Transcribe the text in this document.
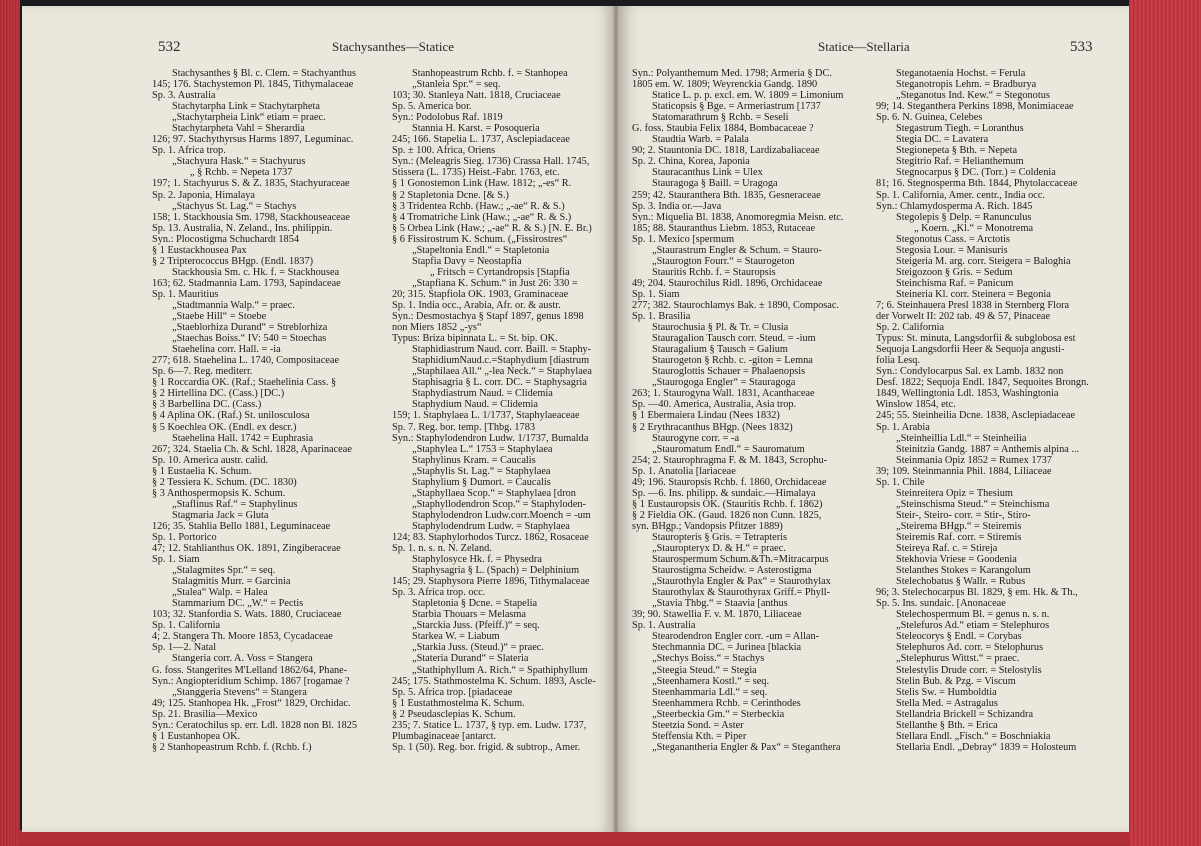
532	Stachysanthes—Statice
Stachysanthes § Bl. c. Clem. = Stachyanthus
145; 176. Stachystemon Pl. 1845, Tithymalaceae
Sp. 3. Australia
Stachytarpha Link = Stachytarpheta
„Stachytarpheia Link“ etiam = praec.
Stachytarpheta Vahl = Sherardia
126; 97. Stachythyrsus Harms 1897, Leguminac.
Sp. 1. Africa trop.
„Stachyura Hask.“ = Stachyurus
„ § Rchb. = Nepeta 1737
197; 1. Stachyurus S. & Z. 1835, Stachyuraceae
Sp. 2. Japonia, Himalaya
„Stachyus St. Lag.“ = Stachys
158; 1. Stackhousia Sm. 1798, Stackhouseaceae
Sp. 13. Australia, N. Zeland., Ins. philippin.
Syn.: Plocostigma Schuchardt 1854
§ 1 Eustackhousea Pax
§ 2 Tripterococcus BHgp. (Endl. 1837)
Stackhousia Sm. c. Hk. f. = Stackhousea
163; 62. Stadmannia Lam. 1793, Sapindaceae
Sp. 1. Mauritius
„Stadtmannia Walp.“ = praec.
„Staebe Hill“ = Stoebe
„Staeblorhiza Durand“ = Streblorhiza
„Staechas Boiss.“ IV: 540 = Stoechas
Staehelina corr. Hall. = -ia
277; 618. Staehelina L. 1740, Compositaceae
Sp. 6—7. Reg. mediterr.
§ 1 Roccardia OK. (Raf.; Staehelinia Cass. §
§ 2 Hirtellina DC. (Cass.) [DC.)
§ 3 Barbellina DC. (Cass.)
§ 4 Aplina OK. (Raf.) St. unilosculosa
§ 5 Koechlea OK. (Endl. ex descr.)
Staehelina Hall. 1742 = Euphrasia
267; 324. Staelia Ch. & Schl. 1828, Aparinaceae
Sp. 10. America austr. calid.
§ 1 Eustaelia K. Schum.
§ 2 Tessiera K. Schum. (DC. 1830)
§ 3 Anthospermopsis K. Schum.
„Staflinus Raf.“ = Staphylinus
Stagmaria Jack = Gluta
126; 35. Stahlia Bello 1881, Leguminaceae
Sp. 1. Portorico
47; 12. Stahlianthus OK. 1891, Zingiberaceae
Sp. 1. Siam
„Stalagmites Spr.“ = seq.
Stalagmitis Murr. = Garcinia
„Stalea“ Walp. = Halea
Stammarium DC. „W.“ = Pectis
103; 32. Stanfordia S. Wats. 1880, Cruciaceae
Sp. 1. California
4; 2. Stangera Th. Moore 1853, Cycadaceae
Sp. 1—2. Natal
Stangeria corr. A. Voss = Stangera
G. foss. Stangerites M'Lelland 1862/64, Phane-
Syn.: Angiopteridium Schimp. 1867 [rogamae ?
„Stanggeria Stevens“ = Stangera
49; 125. Stanhopea Hk. „Frost“ 1829, Orchidac.
Sp. 21. Brasilia—Mexico
Syn.: Ceratochilus sp. err. Ldl. 1828 non Bl. 1825
§ 1 Eustanhopea OK.
§ 2 Stanhopeastrum Rchb. f. (Rchb. f.)
Stanhopeastrum Rchb. f. = Stanhopea
„Stanleia Spr.“ = seq.
103; 30. Stanleya Natt. 1818, Cruciaceae
Sp. 5. America bor.
Syn.: Podolobus Raf. 1819
Stannia H. Karst. = Posoqueria
245; 166. Stapelia L. 1737, Asclepiadaceae
Sp. ± 100. Africa, Oriens
Syn.: (Meleagris Sieg. 1736) Crassa Hall. 1745,
Stissera (L. 1735) Heist.-Fabr. 1763, etc.
§ 1 Gonostemon Link (Haw. 1812; „-es“ R.
§ 2 Stapletonia Dcne. [& S.)
§ 3 Tridentea Rchb. (Haw.; „-ae“ R. & S.)
§ 4 Tromatriche Link (Haw.; „-ae“ R. & S.)
§ 5 Orbea Link (Haw.; „-ae“ R. & S.) [N. E. Br.)
§ 6 Fissirostrum K. Schum. („Fissirostres“
„Stapeltonia Endl.“ = Stapletonia
Stapfia Davy = Neostapfia
„ Fritsch = Cyrtandropsis [Stapfia
„Stapfiana K. Schum.“ in Just 26: 330 =
20; 315. Stapfiola OK. 1903, Graminaceae
Sp. 1. India occ., Arabia, Afr. or. & austr.
Syn.: Desmostachya § Stapf 1897, genus 1898
non Miers 1852 „-ys“
Typus: Briza bipinnata L. = St. bip. OK.
Staphidiastrum Naud. corr. Baill. = Staphy-
StaphidiumNaud.c.=Staphydium [diastrum
„Staphilaea All.“ „-lea Neck.“ = Staphylaea
Staphisagria § L. corr. DC. = Staphysagria
Staphydiastrum Naud. = Clidemia
Staphydium Naud. = Clidemia
159; 1. Staphylaea L. 1/1737, Staphylaeaceae
Sp. 7. Reg. bor. temp. [Thbg. 1783
Syn.: Staphylodendron Ludw. 1/1737, Bumalda
„Staphylea L.“ 1753 = Staphylaea
Staphylinus Kram. = Caucalis
„Staphylis St. Lag.“ = Staphylaea
Staphylium § Dumort. = Caucalis
„Staphyllaea Scop.“ = Staphylaea [dron
„Staphyllodendron Scop.“ = Staphyloden-
Staphylodendron Ludw.corr.Moench = -um
Staphylodendrum Ludw. = Staphylaea
124; 83. Staphylorhodos Turcz. 1862, Rosaceae
Sp. 1. n. s. n. N. Zeland.
Staphylosyce Hk. f. = Physedra
Staphysagria § L. (Spach) = Delphinium
145; 29. Staphysora Pierre 1896, Tithymalaceae
Sp. 3. Africa trop. occ.
Stapletonia § Dcne. = Stapelia
Starbia Thouars = Melasma
„Starckia Juss. (Pfeiff.)“ = seq.
Starkea W. = Liabum
„Starkia Juss. (Steud.)“ = praec.
„Stateria Durand“ = Slateria
„Stathiphyllum A. Rich.“ = Spathiphyllum
245; 175. Stathmostelma K. Schum. 1893, Ascle-
Sp. 5. Africa trop. [piadaceae
§ 1 Eustathmostelma K. Schum.
§ 2 Pseudasclepias K. Schum.
235; 7. Statice L. 1737, § typ. em. Ludw. 1737,
Plumbaginaceae [antarct.
Sp. 1 (50). Reg. bor. frigid. & subtrop., Amer.
Statice—Stellaria	533
Syn.: Polyanthemum Med. 1798; Armeria § DC.
1805 em. W. 1809; Weyrenckia Gandg. 1890
Statice L. p. p. excl. em. W. 1809 = Limonium
Staticopsis § Bge. = Armeriastrum [1737
Statomarathrum § Rchb. = Seseli
G. foss. Staubia Felix 1884, Bombacaceae ?
Staudtia Warb. = Palala
90; 2. Stauntonia DC. 1818, Lardizabaliaceae
Sp. 2. China, Korea, Japonia
Stauracanthus Link = Ulex
Stauragoga § Baill. = Uragoga
259; 42. Stauranthera Bth. 1835, Gesneraceae
Sp. 3. India or.—Java
Syn.: Miquelia Bl. 1838, Anomoregmia Meisn. etc.
185; 88. Stauranthus Liebm. 1853, Rutaceae
Sp. 1. Mexico [spermum
„Staurastrum Engler & Schum. = Stauro-
„Staurogton Fourr.“ = Staurogeton
Stauritis Rchb. f. = Stauropsis
49; 204. Staurochilus Ridl. 1896, Orchidaceae
Sp. 1. Siam
277; 382. Staurochlamys Bak. ± 1890, Composac.
Sp. 1. Brasilia
Staurochusia § Pl. & Tr. = Clusia
Stauragalion Tausch corr. Steud. = -ium
Stauragalium § Tausch = Galium
Staurogeton § Rchb. c. -giton = Lemna
Stauroglottis Schauer = Phalaenopsis
„Staurogoga Engler“ = Stauragoga
263; 1. Staurogyna Wall. 1831, Acanthaceae
Sp. —40. America, Australia, Asia trop.
§ 1 Ebermaiera Lindau (Nees 1832)
§ 2 Erythracanthus BHgp. (Nees 1832)
Staurogyne corr. = -a
„Stauromatum Endl.“ = Sauromatum
254; 2. Staurophragma F. & M. 1843, Scrophu-
Sp. 1. Anatolia [lariaceae
49; 196. Stauropsis Rchb. f. 1860, Orchidaceae
Sp. —6. Ins. philipp. & sundaic.—Himalaya
§ 1 Eustauropsis OK. (Stauritis Rchb. f. 1862)
§ 2 Fieldia OK. (Gaud. 1826 non Cunn. 1825,
syn. BHgp.; Vandopsis Pfitzer 1889)
Stauropteris § Gris. = Tetrapteris
„Stauropteryx D. & H.“ = praec.
Staurospermum Schum.&Th.=Mitracarpus
Staurostigma Scheidw. = Asterostigma
„Staurothyla Engler & Pax“ = Staurothylax
Staurothylax & Staurothyrax Griff.= Phyll-
„Stavia Thbg.“ = Staavia [anthus
39; 90. Stawellia F. v. M. 1870, Liliaceae
Sp. 1. Australia
Stearodendron Engler corr. -um = Allan-
Stechmannia DC. = Jurinea [blackia
„Stechys Boiss.“ = Stachys
„Steegia Steud.“ = Stegia
„Steenhamera Kostl.“ = seq.
Steenhammaria Ldl.“ = seq.
Steenhammera Rchb. = Cerinthodes
„Steerbeckia Gm.“ = Sterbeckia
Steetzia Sond. = Aster
Steffensia Kth. = Piper
„Steganantheria Engler & Pax“ = Steganthera
Steganotaenia Hochst. = Ferula
Steganotropis Lehm. = Bradburya
„Steganotus Ind. Kew.“ = Stegonotus
99; 14. Steganthera Perkins 1898, Monimiaceae
Sp. 6. N. Guinea, Celebes
Stegastrum Tiegh. = Loranthus
Stegia DC. = Lavatera
Stegionepeta § Bth. = Nepeta
Stegitrio Raf. = Helianthemum
Stegnocarpus § DC. (Torr.) = Coldenia
81; 16. Stegnosperma Bth. 1844, Phytolaccaceae
Sp. 1. California, Amer. centr., India occ.
Syn.: Chlamydosperma A. Rich. 1845
Stegolepis § Delp. = Ranunculus
„ Koern. „Kl.“ = Monotrema
Stegonotus Cass. = Arctotis
Stegosia Lour. = Manisuris
Steigeria M. arg. corr. Steigera = Baloghia
Steigozoon § Gris. = Sedum
Steinchisma Raf. = Panicum
Steineria Kl. corr. Steinera = Begonia
7; 6. Steinhauera Presl 1838 in Sternberg Flora
der Vorwelt II: 202 tab. 49 & 57, Pinaceae
Sp. 2. California
Typus: St. minuta, Langsdorfii & subglobosa est
Sequoja Langsdorfii Heer & Sequoja angusti-
folia Lesq.
Syn.: Condylocarpus Sal. ex Lamb. 1832 non
Desf. 1822; Sequoja Endl. 1847, Sequoites Brongn.
1849, Wellingtonia Ldl. 1853, Washingtonia
Winslow 1854, etc.
245; 55. Steinheilia Dcne. 1838, Asclepiadaceae
Sp. 1. Arabia
„Steinheillia Ldl.“ = Steinheilia
Steinitzia Gandg. 1887 = Anthemis alpina ...
Steinmania Opiz 1852 = Rumex 1737
39; 109. Steinmannia Phil. 1884, Liliaceae
Sp. 1. Chile
Steinreitera Opiz = Thesium
„Steinschisma Steud.“ = Steinchisma
Steir-, Steiro- corr. = Stir-, Stiro-
„Steirema BHgp.“ = Steiremis
Steiremis Raf. corr. = Stiremis
Steireya Raf. c. = Stireja
Stekhovia Vriese = Goodenia
Stelanthes Stokes = Karangolum
Stelechobatus § Wallr. = Rubus
96; 3. Stelechocarpus Bl. 1829, § em. Hk. & Th.,
Sp. 5. Ins. sundaic. [Anonaceae
Stelechospermum Bl. = genus n. s. n.
„Stelefuros Ad.“ etiam = Stelephuros
Steleocorys § Endl. = Corybas
Stelephuros Ad. corr. = Stelophurus
„Stelephurus Wittst.“ = praec.
Stelestylis Drude corr. = Stelostylis
Stelin Bub. & Pzg. = Viscum
Stelis Sw. = Humboldtia
Stella Med. = Astragalus
Stellandria Brickell = Schizandra
Stellanthe § Bth. = Erica
Stellara Endl. „Fisch.“ = Boschniakia
Stellaria Endl. „Debray“ 1839 = Holosteum
